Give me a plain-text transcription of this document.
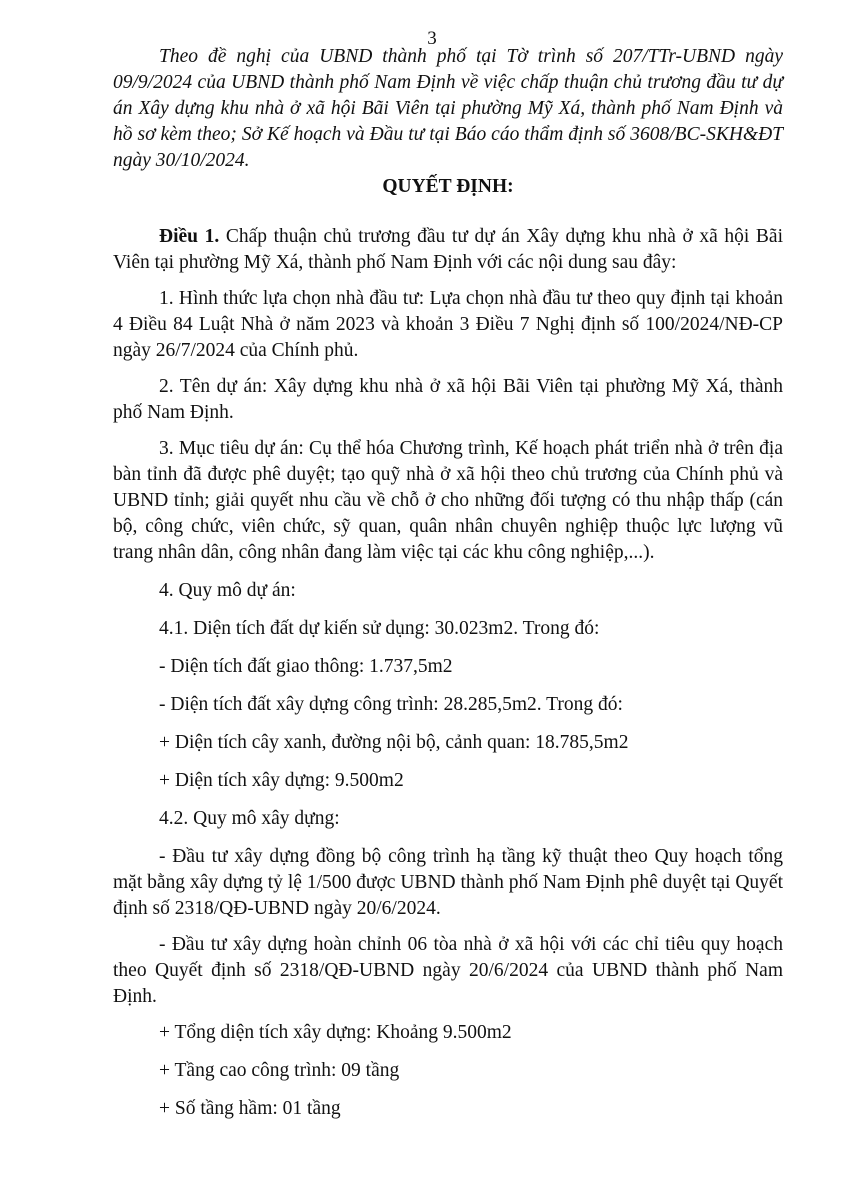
3

Theo đề nghị của UBND thành phố tại Tờ trình số 207/TTr-UBND ngày 09/9/2024 của UBND thành phố Nam Định về việc chấp thuận chủ trương đầu tư dự án Xây dựng khu nhà ở xã hội Bãi Viên tại phường Mỹ Xá, thành phố Nam Định và hồ sơ kèm theo; Sở Kế hoạch và Đầu tư tại Báo cáo thẩm định số 3608/BC-SKH&ĐT ngày 30/10/2024.

QUYẾT ĐỊNH:

Điều 1. Chấp thuận chủ trương đầu tư dự án Xây dựng khu nhà ở xã hội Bãi Viên tại phường Mỹ Xá, thành phố Nam Định với các nội dung sau đây:

1. Hình thức lựa chọn nhà đầu tư: Lựa chọn nhà đầu tư theo quy định tại khoản 4 Điều 84 Luật Nhà ở năm 2023 và khoản 3 Điều 7 Nghị định số 100/2024/NĐ-CP ngày 26/7/2024 của Chính phủ.

2. Tên dự án: Xây dựng khu nhà ở xã hội Bãi Viên tại phường Mỹ Xá, thành phố Nam Định.

3. Mục tiêu dự án: Cụ thể hóa Chương trình, Kế hoạch phát triển nhà ở trên địa bàn tỉnh đã được phê duyệt; tạo quỹ nhà ở xã hội theo chủ trương của Chính phủ và UBND tỉnh; giải quyết nhu cầu về chỗ ở cho những đối tượng có thu nhập thấp (cán bộ, công chức, viên chức, sỹ quan, quân nhân chuyên nghiệp thuộc lực lượng vũ trang nhân dân, công nhân đang làm việc tại các khu công nghiệp,...).

4. Quy mô dự án:

4.1. Diện tích đất dự kiến sử dụng: 30.023m2. Trong đó:

- Diện tích đất giao thông: 1.737,5m2

- Diện tích đất xây dựng công trình: 28.285,5m2. Trong đó:

+ Diện tích cây xanh, đường nội bộ, cảnh quan: 18.785,5m2

+ Diện tích xây dựng: 9.500m2

4.2. Quy mô xây dựng:

- Đầu tư xây dựng đồng bộ công trình hạ tầng kỹ thuật theo Quy hoạch tổng mặt bằng xây dựng tỷ lệ 1/500 được UBND thành phố Nam Định phê duyệt tại Quyết định số 2318/QĐ-UBND ngày 20/6/2024.

- Đầu tư xây dựng hoàn chỉnh 06 tòa nhà ở xã hội với các chỉ tiêu quy hoạch theo Quyết định số 2318/QĐ-UBND ngày 20/6/2024 của UBND thành phố Nam Định.

+ Tổng diện tích xây dựng: Khoảng 9.500m2

+ Tầng cao công trình: 09 tầng

+ Số tầng hầm: 01 tầng
